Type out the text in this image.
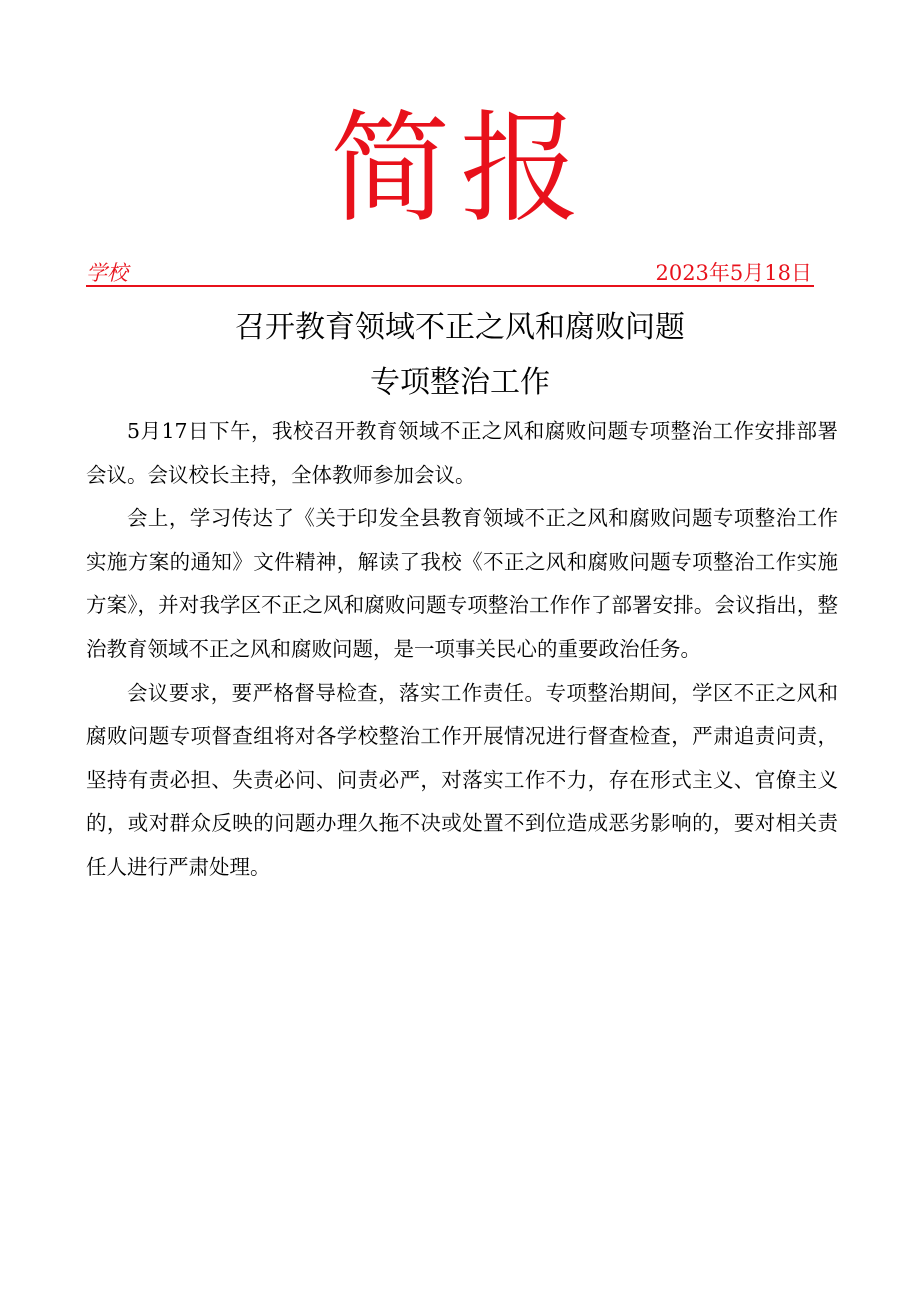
简报
学校	2023年5月18日
召开教育领域不正之风和腐败问题
专项整治工作

5月17日下午，我校召开教育领域不正之风和腐败问题专项整治工作安排部署会议。会议校长主持，全体教师参加会议。

会上，学习传达了《关于印发全县教育领域不正之风和腐败问题专项整治工作实施方案的通知》文件精神，解读了我校《不正之风和腐败问题专项整治工作实施方案》，并对我学区不正之风和腐败问题专项整治工作作了部署安排。会议指出，整治教育领域不正之风和腐败问题，是一项事关民心的重要政治任务。

会议要求，要严格督导检查，落实工作责任。专项整治期间，学区不正之风和腐败问题专项督查组将对各学校整治工作开展情况进行督查检查，严肃追责问责，坚持有责必担、失责必问、问责必严，对落实工作不力，存在形式主义、官僚主义的，或对群众反映的问题办理久拖不决或处置不到位造成恶劣影响的，要对相关责任人进行严肃处理。
